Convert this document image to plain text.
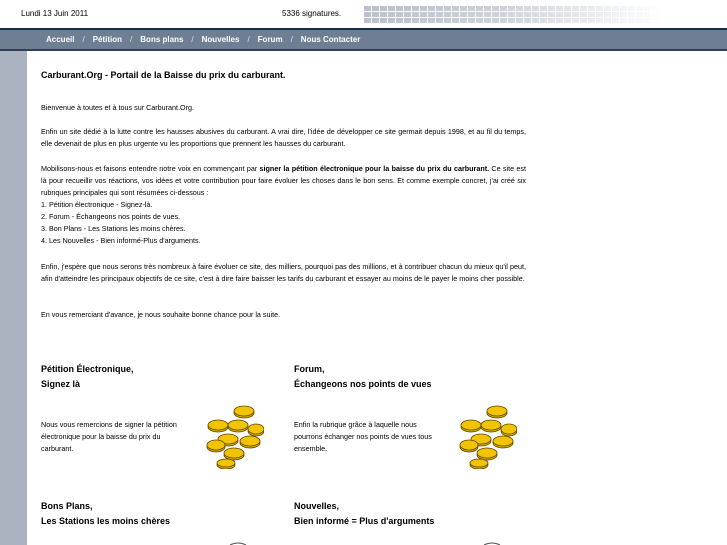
Lundi 13 Juin 2011	5336 signatures.
Accueil / Pétition / Bons plans / Nouvelles / Forum / Nous Contacter
Carburant.Org - Portail de la Baisse du prix du carburant.
Bienvenue à toutes et à tous sur Carburant.Org.
Enfin un site dédié à la lutte contre les hausses abusives du carburant. A vrai dire, l'idée de développer ce site germait depuis 1998, et au fil du temps, elle devenait de plus en plus urgente vu les proportions que prennent les hausses du carburant.
Mobilisons-nous et faisons entendre notre voix en commençant par signer la pétition électronique pour la baisse du prix du carburant. Ce site est là pour recueillir vos réactions, vos idées et votre contribution pour faire évoluer les choses dans le bon sens. Et comme exemple concret, j'ai créé six rubriques principales qui sont résumées ci-dessous :
1. Pétition électronique - Signez-là.
2. Forum - Échangeons nos points de vues.
3. Bon Plans - Les Stations les moins chères.
4. Les Nouvelles - Bien informé-Plus d'arguments.
Enfin, j'espère que nous serons très nombreux à faire évoluer ce site, des milliers, pourquoi pas des millions, et à contribuer chacun du mieux qu'il peut, afin d'atteindre les principaux objectifs de ce site, c'est à dire faire baisser les tarifs du carburant et essayer au moins de le payer le moins cher possible.
En vous remerciant d'avance, je nous souhaite bonne chance pour la suite.
Pétition Électronique,
Signez là
Nous vous remercions de signer la pétition électronique pour la baisse du prix du carburant.
Forum,
Échangeons nos points de vues
Enfin la rubrique grâce à laquelle nous pourrons échanger nos points de vues tous ensemble.
Bons Plans,
Les Stations les moins chères
Nouvelles,
Bien informé = Plus d'arguments
